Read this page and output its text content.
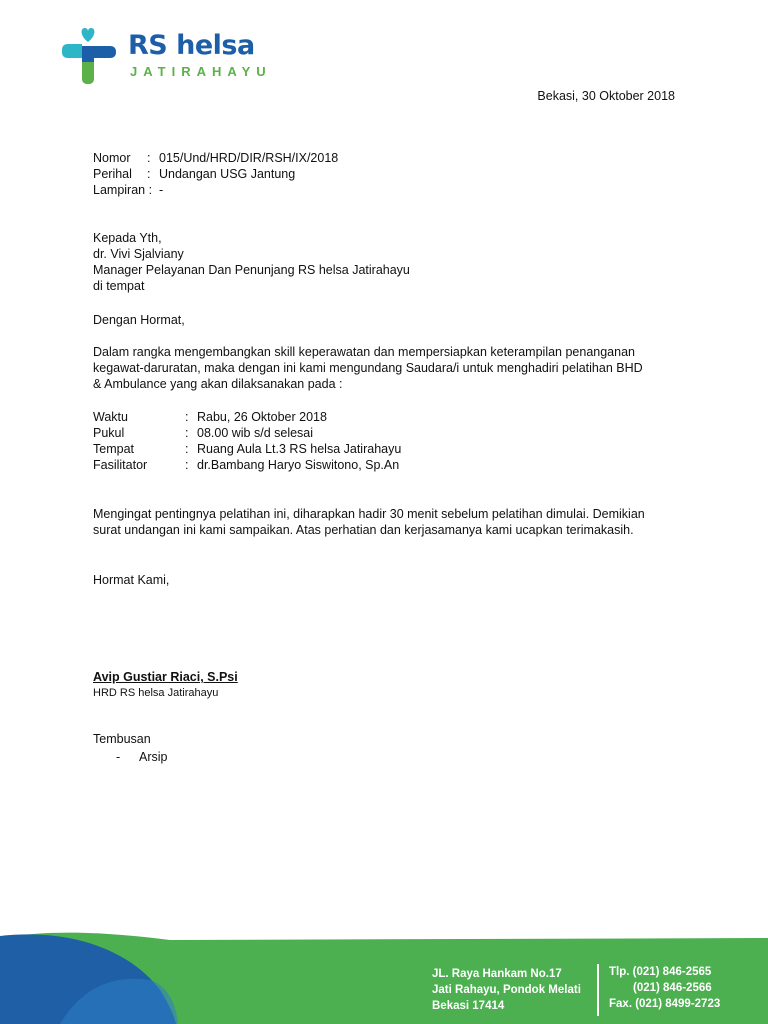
RS helsa
JATIRAHAYU
Bekasi, 30 Oktober 2018
Nomor : 015/Und/HRD/DIR/RSH/IX/2018
Perihal : Undangan USG Jantung
Lampiran : -
Kepada Yth,
dr. Vivi Sjalviany
Manager Pelayanan Dan Penunjang RS helsa Jatirahayu
di tempat
Dengan Hormat,
Dalam rangka mengembangkan skill keperawatan dan mempersiapkan keterampilan penanganan
kegawat-daruratan, maka dengan ini kami mengundang Saudara/i untuk menghadiri pelatihan BHD
& Ambulance yang akan dilaksanakan pada :
Waktu	: Rabu, 26 Oktober 2018
Pukul	: 08.00 wib s/d selesai
Tempat	: Ruang Aula Lt.3 RS helsa Jatirahayu
Fasilitator	: dr.Bambang Haryo Siswitono, Sp.An
Mengingat pentingnya pelatihan ini, diharapkan hadir 30 menit sebelum pelatihan dimulai. Demikian
surat undangan ini kami sampaikan. Atas perhatian dan kerjasamanya kami ucapkan terimakasih.
Hormat Kami,
Avip Gustiar Riaci, S.Psi
HRD RS helsa Jatirahayu
Tembusan
- Arsip
JL. Raya Hankam No.17
Jati Rahayu, Pondok Melati
Bekasi 17414
Tlp. (021) 846-2565
(021) 846-2566
Fax. (021) 8499-2723
